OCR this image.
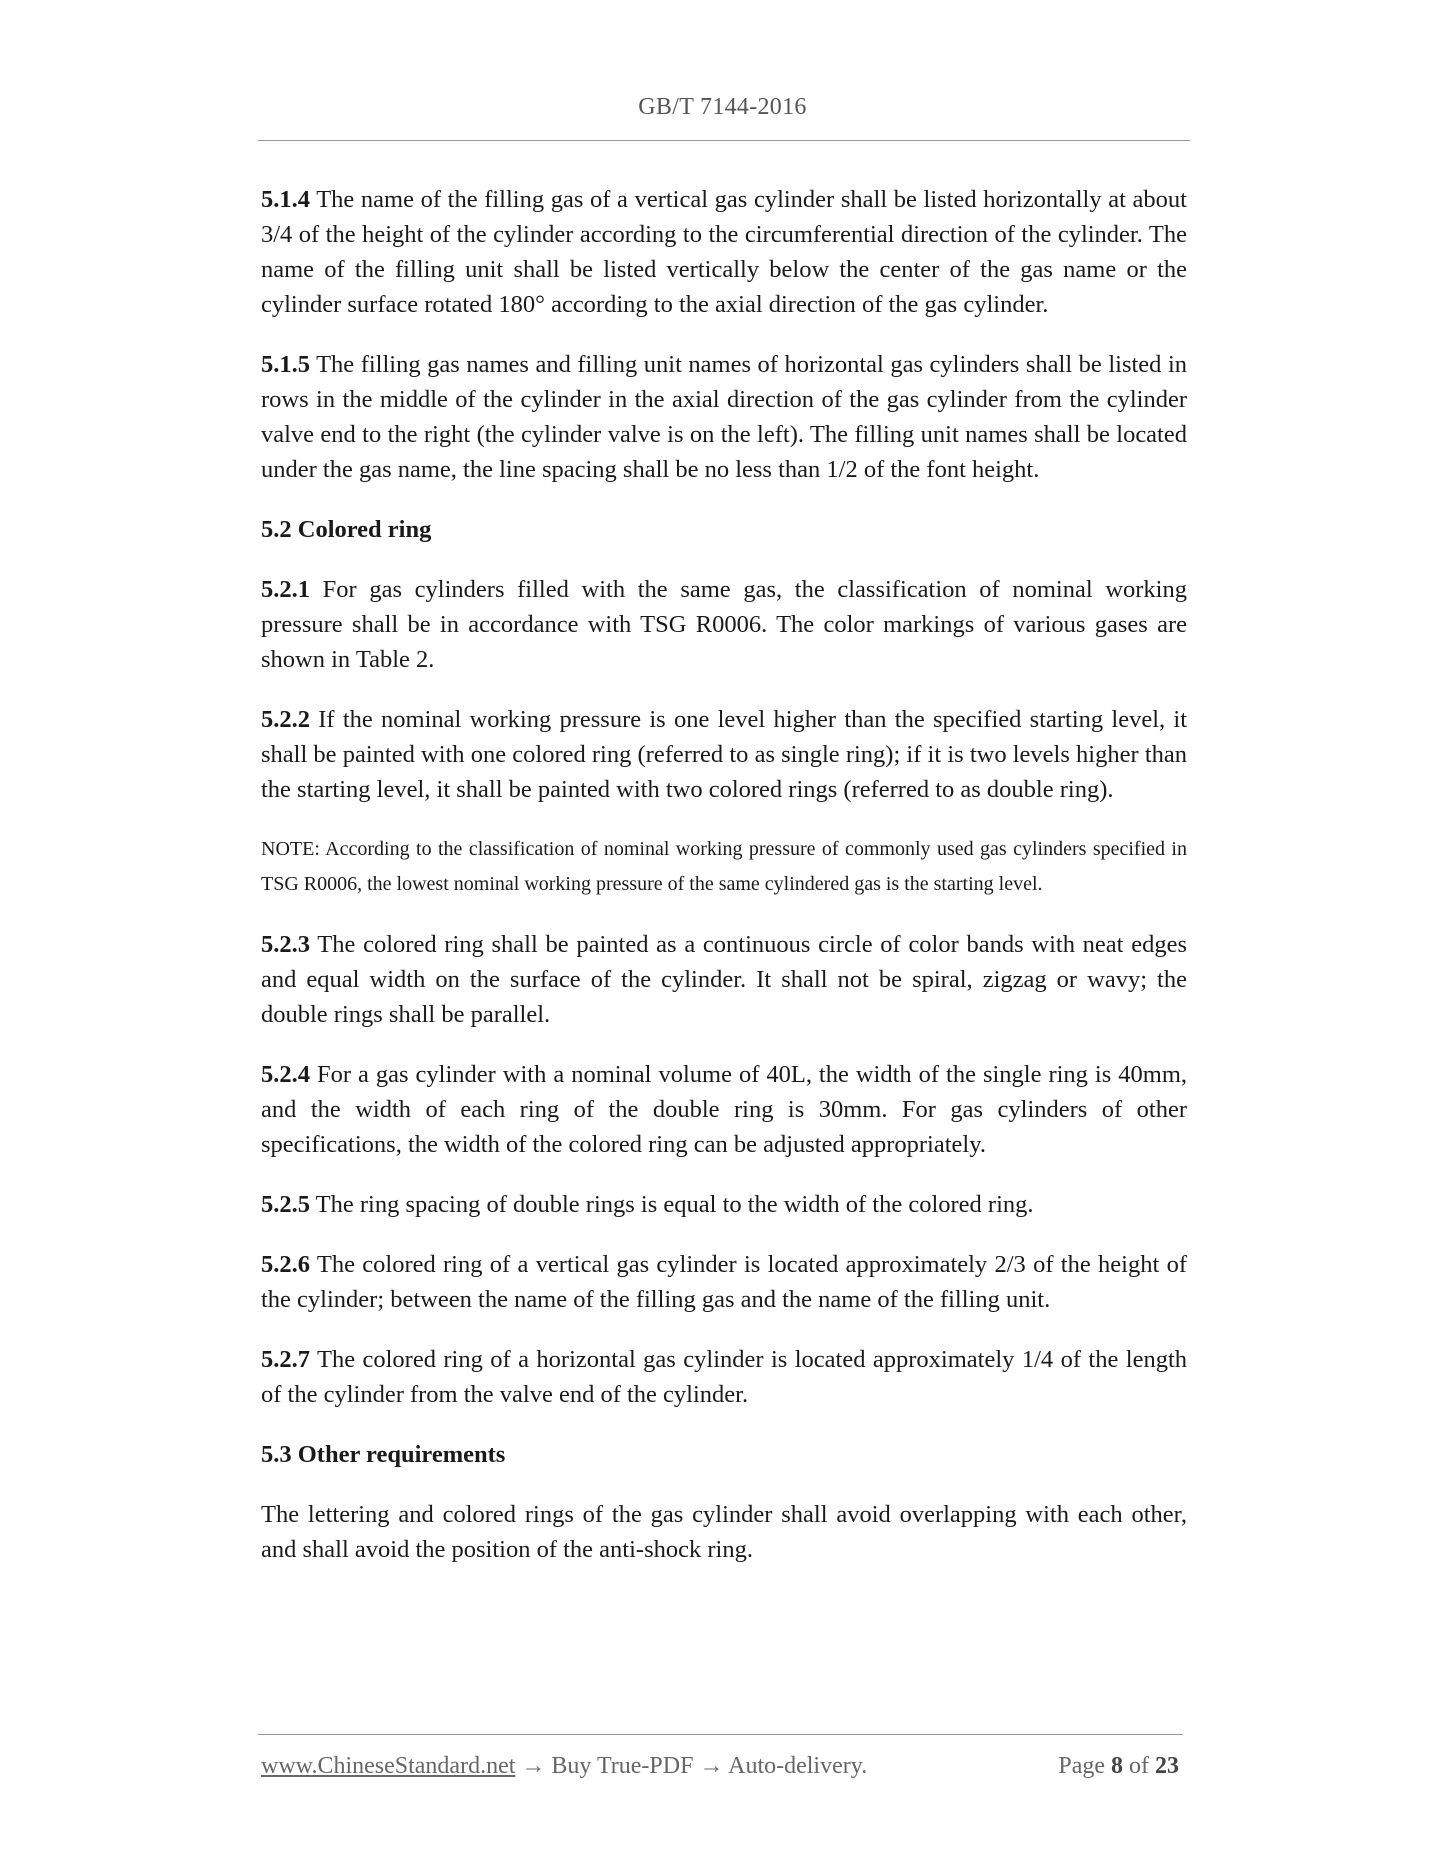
GB/T 7144-2016

5.1.4 The name of the filling gas of a vertical gas cylinder shall be listed horizontally at about 3/4 of the height of the cylinder according to the circumferential direction of the cylinder. The name of the filling unit shall be listed vertically below the center of the gas name or the cylinder surface rotated 180° according to the axial direction of the gas cylinder.

5.1.5 The filling gas names and filling unit names of horizontal gas cylinders shall be listed in rows in the middle of the cylinder in the axial direction of the gas cylinder from the cylinder valve end to the right (the cylinder valve is on the left). The filling unit names shall be located under the gas name, the line spacing shall be no less than 1/2 of the font height.

5.2 Colored ring

5.2.1 For gas cylinders filled with the same gas, the classification of nominal working pressure shall be in accordance with TSG R0006. The color markings of various gases are shown in Table 2.

5.2.2 If the nominal working pressure is one level higher than the specified starting level, it shall be painted with one colored ring (referred to as single ring); if it is two levels higher than the starting level, it shall be painted with two colored rings (referred to as double ring).

NOTE: According to the classification of nominal working pressure of commonly used gas cylinders specified in TSG R0006, the lowest nominal working pressure of the same cylindered gas is the starting level.

5.2.3 The colored ring shall be painted as a continuous circle of color bands with neat edges and equal width on the surface of the cylinder. It shall not be spiral, zigzag or wavy; the double rings shall be parallel.

5.2.4 For a gas cylinder with a nominal volume of 40L, the width of the single ring is 40mm, and the width of each ring of the double ring is 30mm. For gas cylinders of other specifications, the width of the colored ring can be adjusted appropriately.

5.2.5 The ring spacing of double rings is equal to the width of the colored ring.

5.2.6 The colored ring of a vertical gas cylinder is located approximately 2/3 of the height of the cylinder; between the name of the filling gas and the name of the filling unit.

5.2.7 The colored ring of a horizontal gas cylinder is located approximately 1/4 of the length of the cylinder from the valve end of the cylinder.

5.3 Other requirements

The lettering and colored rings of the gas cylinder shall avoid overlapping with each other, and shall avoid the position of the anti-shock ring.

www.ChineseStandard.net → Buy True-PDF → Auto-delivery.	Page 8 of 23
